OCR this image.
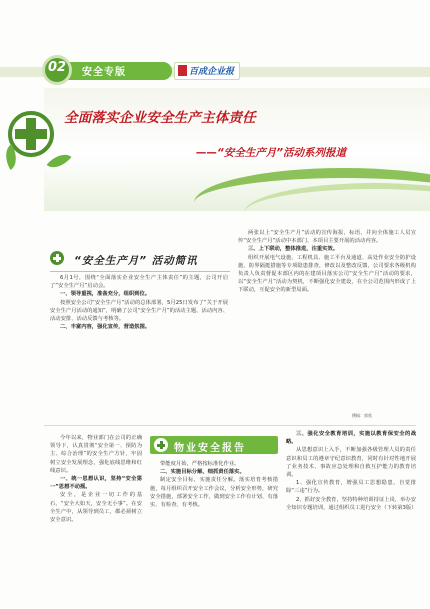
安全专版
02	百成企业报
全面落实企业安全生产主体责任
——“安全生产月”活动系列报道
“安全生产月” 活动简讯

6月1号，围绕“全面落实企业安全生产主体责任”的主题，公司开启了“安全生产月”启动会。

一、领导重视，准备充分，组织到位。

按照安全公司“安全生产月”活动的总体部署，5月25日发布了“关于开展安全生产月活动的通知”，明确了公司“安全生产月”的活动主题、活动内容、活动安排、活动反馈与考核等。

二、丰富内容，强化宣传，营造氛围。

两张以上“安全生产月”活动的宣传海报，标语，并向全体施工人员宣传“安全生产月”活动中本部门、本项目主要开展的活动内容。

三、上下联动，整体推进，注重实效。

组织开展电气设施、工程机具、施工平台及通道、高处作业安全防护设施、防界隔挺措施等专项隐患排查，修改以及整改反馈，公司要求各级机构负责人负责督促本部区内的在建项目落实公司“安全生产月”活动的要求，以“安全生产月”活动为契机，不断强化安全建设，在全公司范围内形成了上下联动，互促安全的新型局面。

撰稿：郭欣

今年以来，物业部门在公司的正确领导下，认真贯彻“安全第一、预防为主、综合治理”的安全生产方针，牢固树立安全发展理念，强化底线思维和红线意识。

一、统一思想认识，坚持“安全第一”思想不动摇。

安全，是企业一切工作的基石，“安全大如天，安全无小事”。在安全生产中，从领导到员工，都必须树立安全意识。

物业安全报告

带能度月始，严格按标准化作业。

二、实施目标分解，细抓责任落实。

制定安全目标，实施责任分解。落实培育考核措施，每月组织召开安全工作会议，分析安全形势，研究安全措施，部署安全工作，做到安全工作有计划、有落实、有检查、有考核。

三、强化安全教育培训，实施以教育保安全的战略。

从思想意识上入手，不断加强各级管理人员的责任意识和员工的遵章守纪意识教育，同时有针对性地开展了业务技术、事故应急处理和自救互护能力的教育培训。

1、强化宣传教育，增强员工思想隐患，自觉排除“三违”行为。

2、抓好安全教育，坚持特种培训持证上岗，举办安全知识专题培训，通过组织员工进行安全（下转第3版）
